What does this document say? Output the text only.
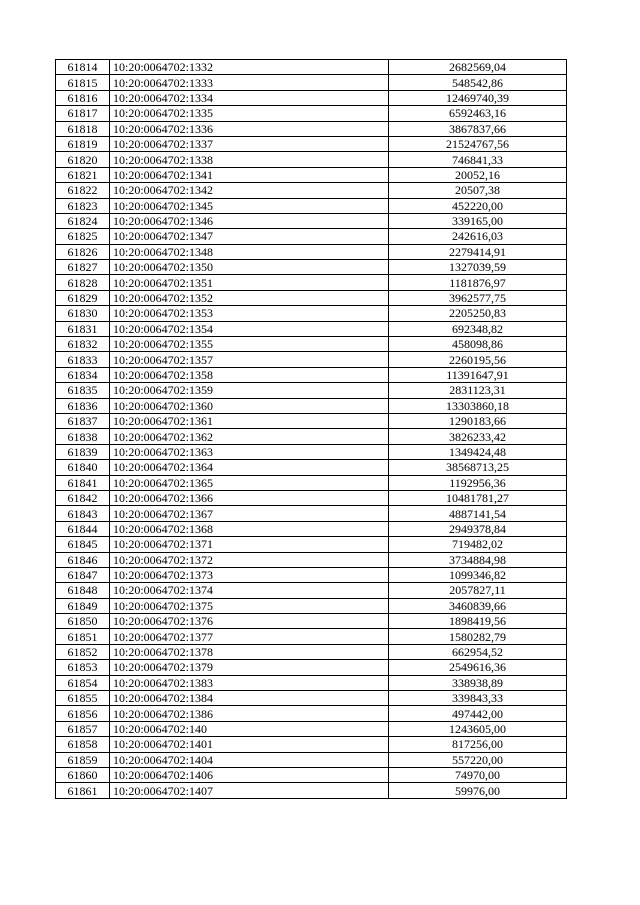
61814	10:20:0064702:1332	2682569,04
61815	10:20:0064702:1333	548542,86
61816	10:20:0064702:1334	12469740,39
61817	10:20:0064702:1335	6592463,16
61818	10:20:0064702:1336	3867837,66
61819	10:20:0064702:1337	21524767,56
61820	10:20:0064702:1338	746841,33
61821	10:20:0064702:1341	20052,16
61822	10:20:0064702:1342	20507,38
61823	10:20:0064702:1345	452220,00
61824	10:20:0064702:1346	339165,00
61825	10:20:0064702:1347	242616,03
61826	10:20:0064702:1348	2279414,91
61827	10:20:0064702:1350	1327039,59
61828	10:20:0064702:1351	1181876,97
61829	10:20:0064702:1352	3962577,75
61830	10:20:0064702:1353	2205250,83
61831	10:20:0064702:1354	692348,82
61832	10:20:0064702:1355	458098,86
61833	10:20:0064702:1357	2260195,56
61834	10:20:0064702:1358	11391647,91
61835	10:20:0064702:1359	2831123,31
61836	10:20:0064702:1360	13303860,18
61837	10:20:0064702:1361	1290183,66
61838	10:20:0064702:1362	3826233,42
61839	10:20:0064702:1363	1349424,48
61840	10:20:0064702:1364	38568713,25
61841	10:20:0064702:1365	1192956,36
61842	10:20:0064702:1366	10481781,27
61843	10:20:0064702:1367	4887141,54
61844	10:20:0064702:1368	2949378,84
61845	10:20:0064702:1371	719482,02
61846	10:20:0064702:1372	3734884,98
61847	10:20:0064702:1373	1099346,82
61848	10:20:0064702:1374	2057827,11
61849	10:20:0064702:1375	3460839,66
61850	10:20:0064702:1376	1898419,56
61851	10:20:0064702:1377	1580282,79
61852	10:20:0064702:1378	662954,52
61853	10:20:0064702:1379	2549616,36
61854	10:20:0064702:1383	338938,89
61855	10:20:0064702:1384	339843,33
61856	10:20:0064702:1386	497442,00
61857	10:20:0064702:140	1243605,00
61858	10:20:0064702:1401	817256,00
61859	10:20:0064702:1404	557220,00
61860	10:20:0064702:1406	74970,00
61861	10:20:0064702:1407	59976,00
